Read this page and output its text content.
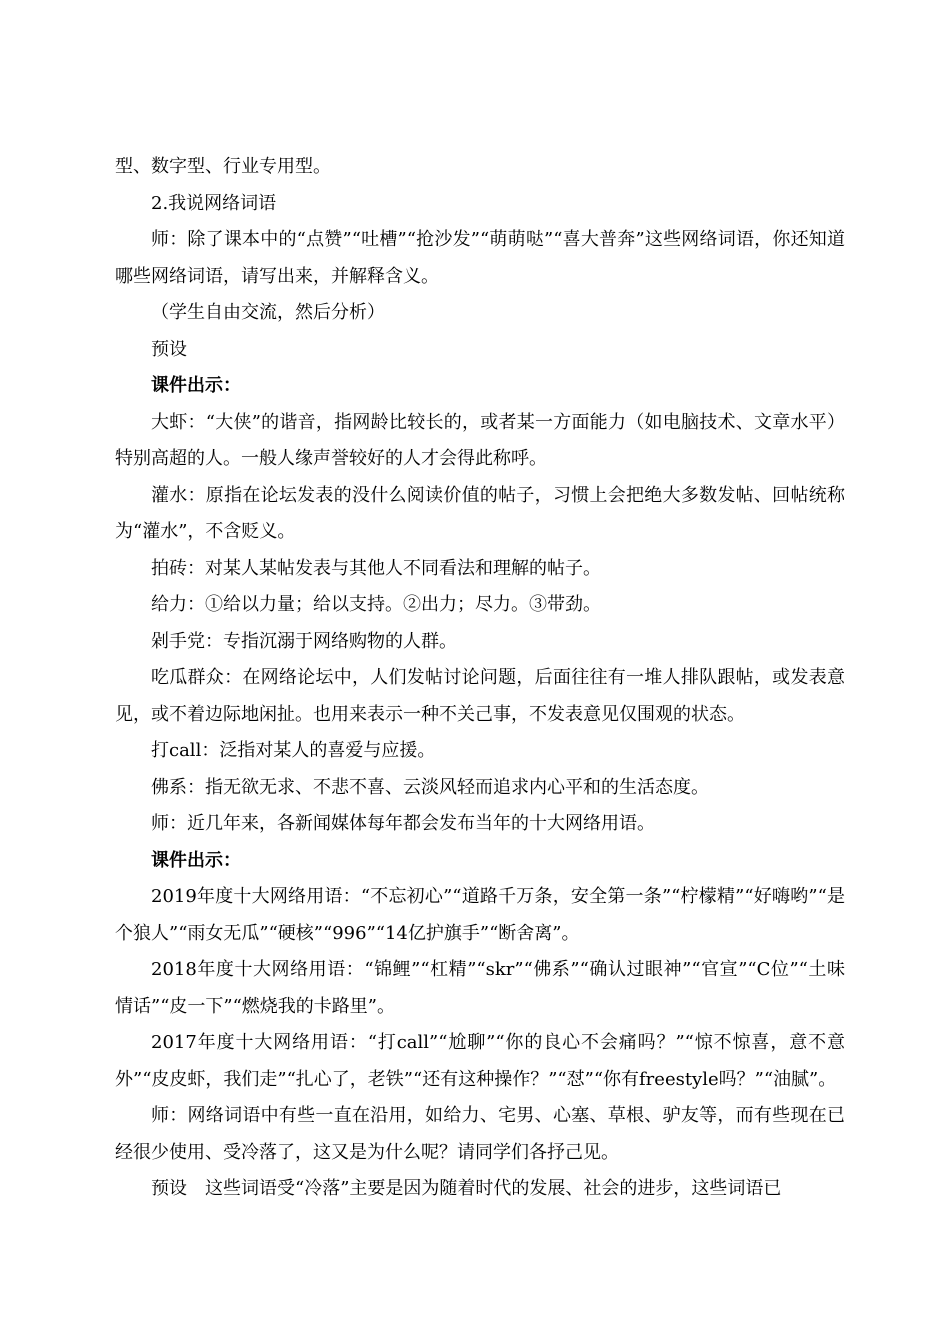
型、数字型、行业专用型。

2.我说网络词语

师：除了课本中的“点赞”“吐槽”“抢沙发”“萌萌哒”“喜大普奔”这些网络词语，你还知道哪些网络词语，请写出来，并解释含义。

（学生自由交流，然后分析）

预设

课件出示：

大虾：“大侠”的谐音，指网龄比较长的，或者某一方面能力（如电脑技术、文章水平）特别高超的人。一般人缘声誉较好的人才会得此称呼。

灌水：原指在论坛发表的没什么阅读价值的帖子，习惯上会把绝大多数发帖、回帖统称为“灌水”，不含贬义。

拍砖：对某人某帖发表与其他人不同看法和理解的帖子。

给力：①给以力量；给以支持。②出力；尽力。③带劲。

剁手党：专指沉溺于网络购物的人群。

吃瓜群众：在网络论坛中，人们发帖讨论问题，后面往往有一堆人排队跟帖，或发表意见，或不着边际地闲扯。也用来表示一种不关己事，不发表意见仅围观的状态。

打call：泛指对某人的喜爱与应援。

佛系：指无欲无求、不悲不喜、云淡风轻而追求内心平和的生活态度。

师：近几年来，各新闻媒体每年都会发布当年的十大网络用语。

课件出示：

2019年度十大网络用语：“不忘初心”“道路千万条，安全第一条”“柠檬精”“好嗨哟”“是个狼人”“雨女无瓜”“硬核”“996”“14亿护旗手”“断舍离”。

2018年度十大网络用语：“锦鲤”“杠精”“skr”“佛系”“确认过眼神”“官宣”“C位”“土味情话”“皮一下”“燃烧我的卡路里”。

2017年度十大网络用语：“打call”“尬聊”“你的良心不会痛吗？”“惊不惊喜，意不意外”“皮皮虾，我们走”“扎心了，老铁”“还有这种操作？”“怼”“你有freestyle吗？”“油腻”。

师：网络词语中有些一直在沿用，如给力、宅男、心塞、草根、驴友等，而有些现在已经很少使用、受冷落了，这又是为什么呢？请同学们各抒己见。

预设　这些词语受“冷落”主要是因为随着时代的发展、社会的进步，这些词语已
